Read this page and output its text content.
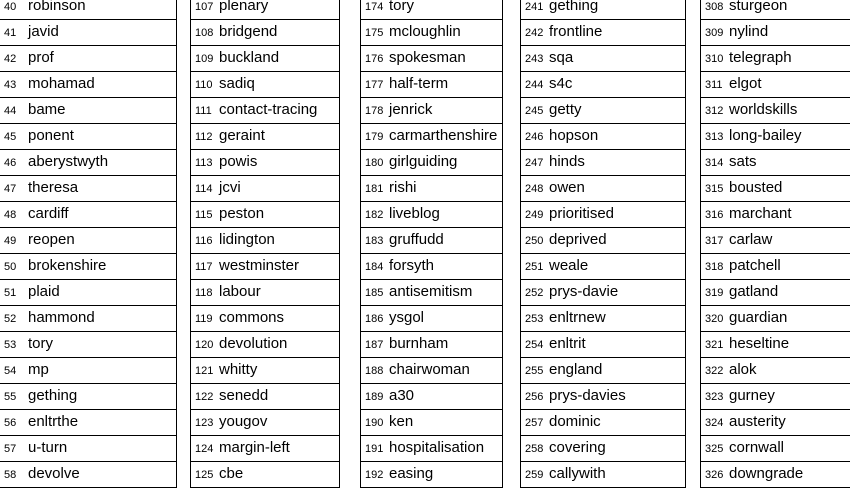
40 robinson
41 javid
42 prof
43 mohamad
44 bame
45 ponent
46 aberystwyth
47 theresa
48 cardiff
49 reopen
50 brokenshire
51 plaid
52 hammond
53 tory
54 mp
55 gething
56 enltrthe
57 u-turn
58 devolve
107 plenary
108 bridgend
109 buckland
110 sadiq
111 contact-tracing
112 geraint
113 powis
114 jcvi
115 peston
116 lidington
117 westminster
118 labour
119 commons
120 devolution
121 whitty
122 senedd
123 yougov
124 margin-left
125 cbe
174 tory
175 mcloughlin
176 spokesman
177 half-term
178 jenrick
179 carmarthenshire
180 girlguiding
181 rishi
182 liveblog
183 gruffudd
184 forsyth
185 antisemitism
186 ysgol
187 burnham
188 chairwoman
189 a30
190 ken
191 hospitalisation
192 easing
241 gething
242 frontline
243 sqa
244 s4c
245 getty
246 hopson
247 hinds
248 owen
249 prioritised
250 deprived
251 weale
252 prys-davie
253 enltrnew
254 enltrit
255 england
256 prys-davies
257 dominic
258 covering
259 callywith
308 sturgeon
309 nylind
310 telegraph
311 elgot
312 worldskills
313 long-bailey
314 sats
315 bousted
316 marchant
317 carlaw
318 patchell
319 gatland
320 guardian
321 heseltine
322 alok
323 gurney
324 austerity
325 cornwall
326 downgrade
